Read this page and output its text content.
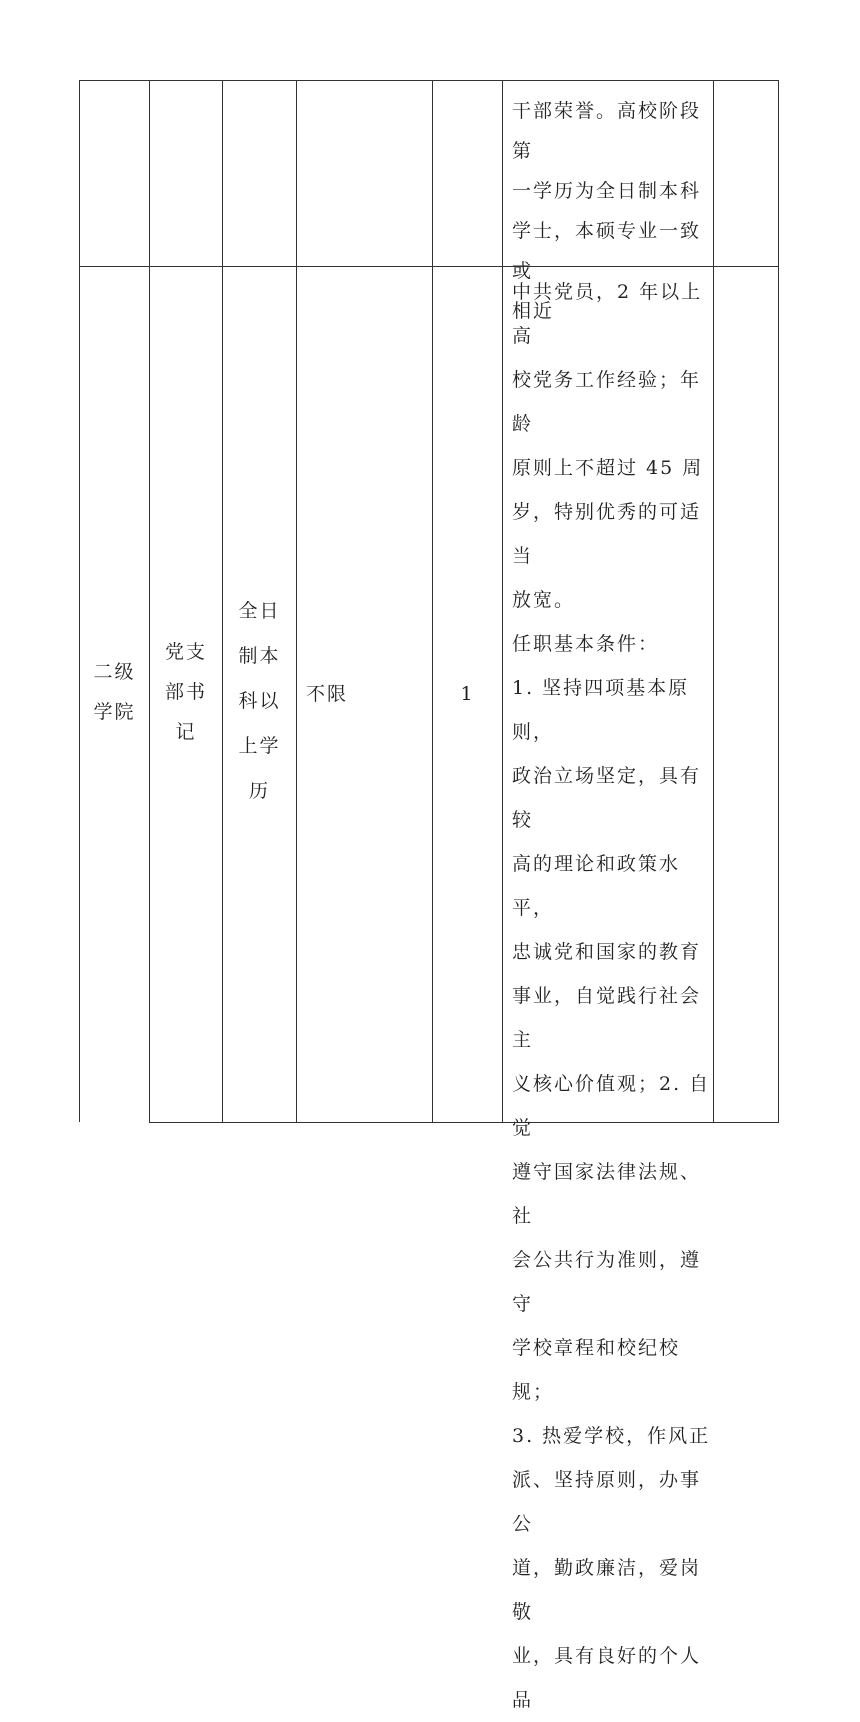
干部荣誉。高校阶段第
一学历为全日制本科
学士，本硕专业一致或
相近
二级
学院
党支
部书
记
全日
制本
科以
上学
历
不限	1
中共党员，2 年以上高
校党务工作经验；年龄
原则上不超过 45 周
岁，特别优秀的可适当
放宽。
任职基本条件：
1. 坚持四项基本原则，
政治立场坚定，具有较
高的理论和政策水平，
忠诚党和国家的教育
事业，自觉践行社会主
义核心价值观；2. 自觉
遵守国家法律法规、社
会公共行为准则，遵守
学校章程和校纪校规；
3. 热爱学校，作风正
派、坚持原则，办事公
道，勤政廉洁，爱岗敬
业，具有良好的个人品
